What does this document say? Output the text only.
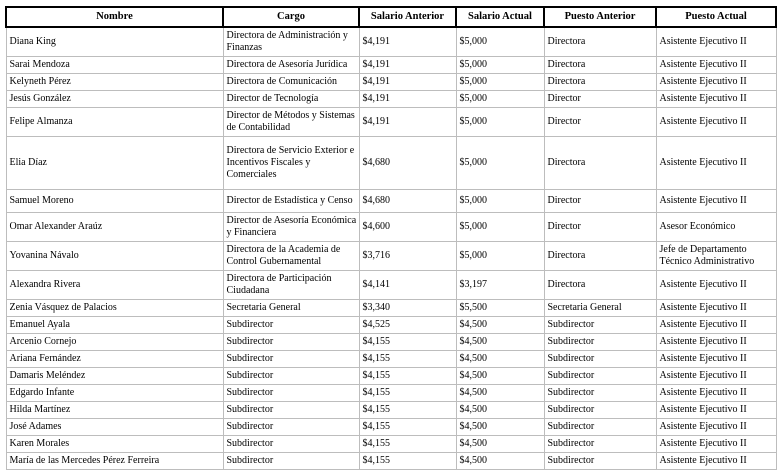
Nombre	Cargo	Salario Anterior	Salario Actual	Puesto Anterior	Puesto Actual
Diana King	Directora de Administración y Finanzas	$4,191	$5,000	Directora	Asistente Ejecutivo II
Sarai Mendoza	Directora de Asesoría Jurídica	$4,191	$5,000	Directora	Asistente Ejecutivo II
Kelyneth Pérez	Directora de Comunicación	$4,191	$5,000	Directora	Asistente Ejecutivo II
Jesús González	Director de Tecnología	$4,191	$5,000	Director	Asistente Ejecutivo II
Felipe Almanza	Director de Métodos y Sistemas de Contabilidad	$4,191	$5,000	Director	Asistente Ejecutivo II
Elia Díaz	Directora de Servicio Exterior e Incentivos Fiscales y Comerciales	$4,680	$5,000	Directora	Asistente Ejecutivo II
Samuel Moreno	Director de Estadística y Censo	$4,680	$5,000	Director	Asistente Ejecutivo II
Omar Alexander Araúz	Director de Asesoría Económica y Financiera	$4,600	$5,000	Director	Asesor Económico
Yovanina Návalo	Directora de la Academia de Control Gubernamental	$3,716	$5,000	Directora	Jefe de Departamento Técnico Administrativo
Alexandra Rivera	Directora de Participación Ciudadana	$4,141	$3,197	Directora	Asistente Ejecutivo II
Zenia Vásquez de Palacios	Secretaria General	$3,340	$5,500	Secretaria General	Asistente Ejecutivo II
Emanuel Ayala	Subdirector	$4,525	$4,500	Subdirector	Asistente Ejecutivo II
Arcenio Cornejo	Subdirector	$4,155	$4,500	Subdirector	Asistente Ejecutivo II
Ariana Fernández	Subdirector	$4,155	$4,500	Subdirector	Asistente Ejecutivo II
Damaris Meléndez	Subdirector	$4,155	$4,500	Subdirector	Asistente Ejecutivo II
Edgardo Infante	Subdirector	$4,155	$4,500	Subdirector	Asistente Ejecutivo II
Hilda Martínez	Subdirector	$4,155	$4,500	Subdirector	Asistente Ejecutivo II
José Adames	Subdirector	$4,155	$4,500	Subdirector	Asistente Ejecutivo II
Karen Morales	Subdirector	$4,155	$4,500	Subdirector	Asistente Ejecutivo II
María de las Mercedes Pérez Ferreira	Subdirector	$4,155	$4,500	Subdirector	Asistente Ejecutivo II
